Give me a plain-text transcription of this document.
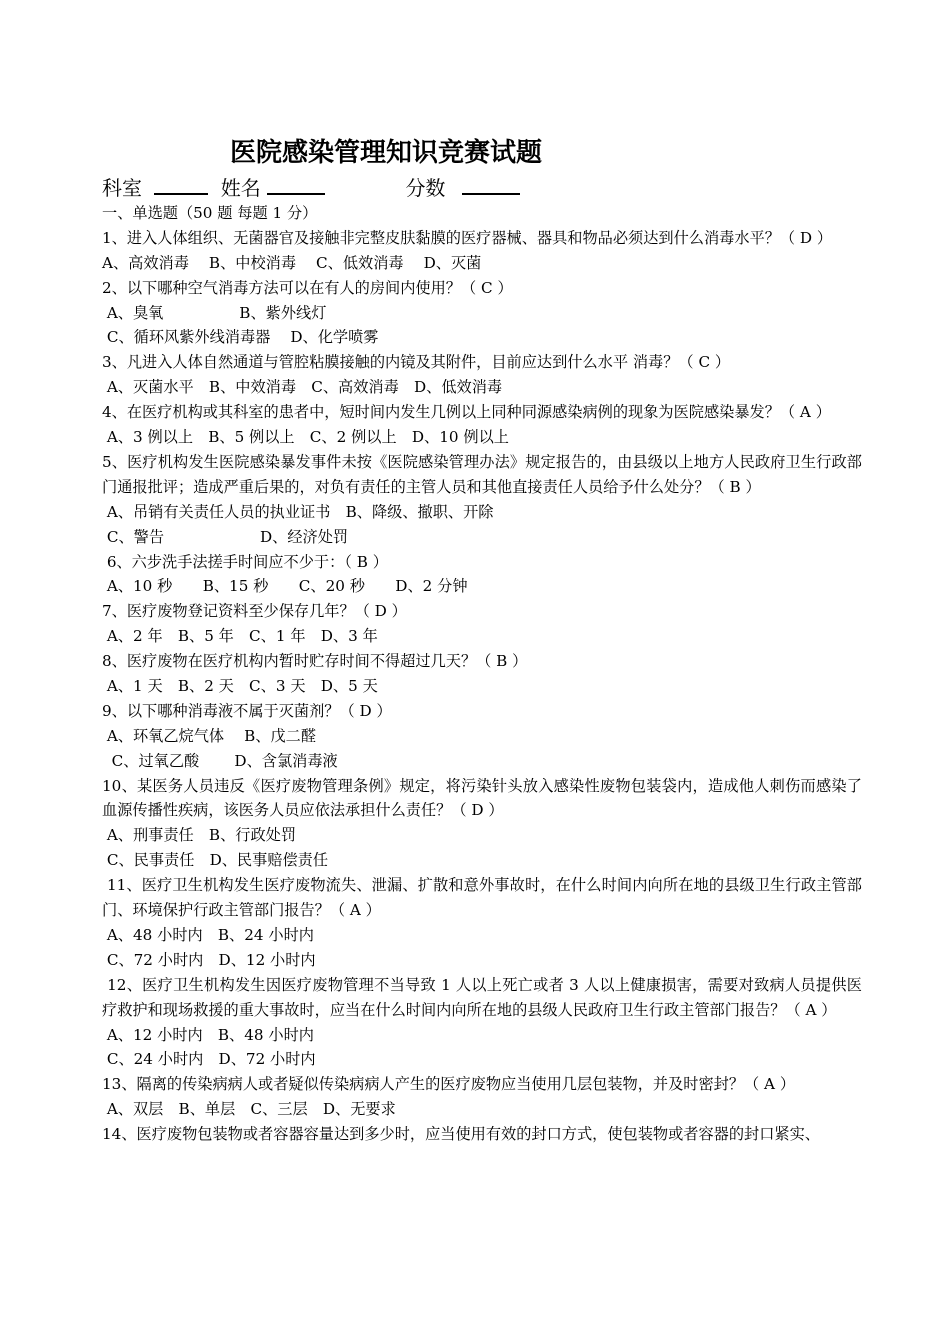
医院感染管理知识竞赛试题
科室	姓名	分数
一、单选题（50 题 每题 1 分）
1、进入人体组织、无菌器官及接触非完整皮肤黏膜的医疗器械、器具和物品必须达到什么消毒水平？（ D ）
A、高效消毒　 B、中校消毒　 C、低效消毒　 D、灭菌
2、以下哪种空气消毒方法可以在有人的房间内使用？（ C ）
A、臭氧　　　　　B、紫外线灯
C、循环风紫外线消毒器　 D、化学喷雾
3、凡进入人体自然通道与管腔粘膜接触的内镜及其附件，目前应达到什么水平 消毒？（ C ）
A、灭菌水平　B、中效消毒　C、高效消毒　D、低效消毒
4、在医疗机构或其科室的患者中，短时间内发生几例以上同种同源感染病例的现象为医院感染暴发？（ A ）
A、3 例以上　B、5 例以上　C、2 例以上　D、10 例以上
5、医疗机构发生医院感染暴发事件未按《医院感染管理办法》规定报告的，由县级以上地方人民政府卫生行政部门通报批评；造成严重后果的，对负有责任的主管人员和其他直接责任人员给予什么处分？（ B ）
A、吊销有关责任人员的执业证书　B、降级、撤职、开除
C、警告　　　　　　 D、经济处罚
6、六步洗手法搓手时间应不少于：（ B ）
A、10 秒　　B、15 秒　　C、20 秒　　D、2 分钟
7、医疗废物登记资料至少保存几年？（ D ）
A、2 年　B、5 年　C、1 年　D、3 年
8、医疗废物在医疗机构内暂时贮存时间不得超过几天？（ B ）
A、1 天　B、2 天　C、3 天　D、5 天
9、以下哪种消毒液不属于灭菌剂？（ D ）
A、环氧乙烷气体　 B、戊二醛
C、过氧乙酸　　 D、含氯消毒液
10、某医务人员违反《医疗废物管理条例》规定，将污染针头放入感染性废物包装袋内，造成他人刺伤而感染了血源传播性疾病，该医务人员应依法承担什么责任？（ D ）
A、刑事责任　B、行政处罚
C、民事责任　D、民事赔偿责任
11、医疗卫生机构发生医疗废物流失、泄漏、扩散和意外事故时，在什么时间内向所在地的县级卫生行政主管部门、环境保护行政主管部门报告？（ A ）
A、48 小时内　B、24 小时内
C、72 小时内　D、12 小时内
12、医疗卫生机构发生因医疗废物管理不当导致 1 人以上死亡或者 3 人以上健康损害，需要对致病人员提供医疗救护和现场救援的重大事故时，应当在什么时间内向所在地的县级人民政府卫生行政主管部门报告？（ A ）
A、12 小时内　B、48 小时内
C、24 小时内　D、72 小时内
13、隔离的传染病病人或者疑似传染病病人产生的医疗废物应当使用几层包装物，并及时密封？（ A ）
A、双层　B、单层　C、三层　D、无要求
14、医疗废物包装物或者容器容量达到多少时，应当使用有效的封口方式，使包装物或者容器的封口紧实、
